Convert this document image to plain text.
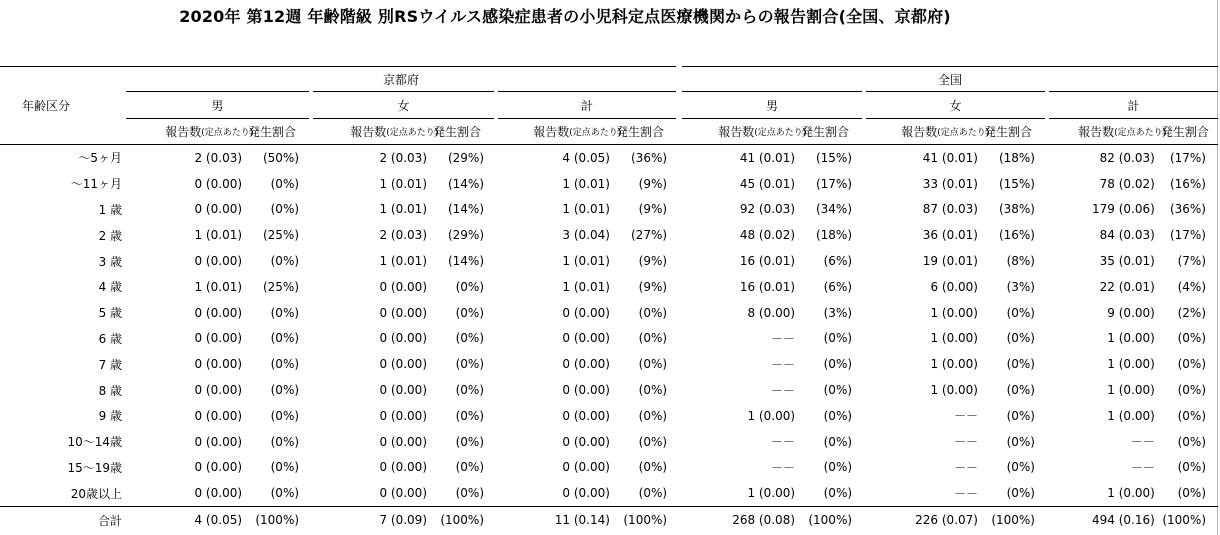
2020年 第12週 年齢階級 別RSウイルス感染症患者の小児科定点医療機関からの報告割合(全国、京都府)
年齢区分	京都府									全国								
	男			女			計			男			女			計		
	報告数	(定点あたり)	発生割合	報告数	(定点あたり)	発生割合	報告数	(定点あたり)	発生割合	報告数	(定点あたり)	発生割合	報告数	(定点あたり)	発生割合	報告数	(定点あたり)	発生割合
～5ヶ月	2 (0.03)		(50%)	2 (0.03)		(29%)	4 (0.05)		(36%)	41 (0.01)		(15%)	41 (0.01)		(18%)	82 (0.03)		(17%)
～11ヶ月	0 (0.00)		(0%)	1 (0.01)		(14%)	1 (0.01)		(9%)	45 (0.01)		(17%)	33 (0.01)		(15%)	78 (0.02)		(16%)
1 歳	0 (0.00)		(0%)	1 (0.01)		(14%)	1 (0.01)		(9%)	92 (0.03)		(34%)	87 (0.03)		(38%)	179 (0.06)		(36%)
2 歳	1 (0.01)		(25%)	2 (0.03)		(29%)	3 (0.04)		(27%)	48 (0.02)		(18%)	36 (0.01)		(16%)	84 (0.03)		(17%)
3 歳	0 (0.00)		(0%)	1 (0.01)		(14%)	1 (0.01)		(9%)	16 (0.01)		(6%)	19 (0.01)		(8%)	35 (0.01)		(7%)
4 歳	1 (0.01)		(25%)	0 (0.00)		(0%)	1 (0.01)		(9%)	16 (0.01)		(6%)	6 (0.00)		(3%)	22 (0.01)		(4%)
5 歳	0 (0.00)		(0%)	0 (0.00)		(0%)	0 (0.00)		(0%)	8 (0.00)		(3%)	1 (0.00)		(0%)	9 (0.00)		(2%)
6 歳	0 (0.00)		(0%)	0 (0.00)		(0%)	0 (0.00)		(0%)	－－		(0%)	1 (0.00)		(0%)	1 (0.00)		(0%)
7 歳	0 (0.00)		(0%)	0 (0.00)		(0%)	0 (0.00)		(0%)	－－		(0%)	1 (0.00)		(0%)	1 (0.00)		(0%)
8 歳	0 (0.00)		(0%)	0 (0.00)		(0%)	0 (0.00)		(0%)	－－		(0%)	1 (0.00)		(0%)	1 (0.00)		(0%)
9 歳	0 (0.00)		(0%)	0 (0.00)		(0%)	0 (0.00)		(0%)	1 (0.00)		(0%)	－－		(0%)	1 (0.00)		(0%)
10～14歳	0 (0.00)		(0%)	0 (0.00)		(0%)	0 (0.00)		(0%)	－－		(0%)	－－		(0%)	－－		(0%)
15～19歳	0 (0.00)		(0%)	0 (0.00)		(0%)	0 (0.00)		(0%)	－－		(0%)	－－		(0%)	－－		(0%)
20歳以上	0 (0.00)		(0%)	0 (0.00)		(0%)	0 (0.00)		(0%)	1 (0.00)		(0%)	－－		(0%)	1 (0.00)		(0%)
合計	4 (0.05)		(100%)	7 (0.09)		(100%)	11 (0.14)		(100%)	268 (0.08)		(100%)	226 (0.07)		(100%)	494 (0.16)		(100%)
